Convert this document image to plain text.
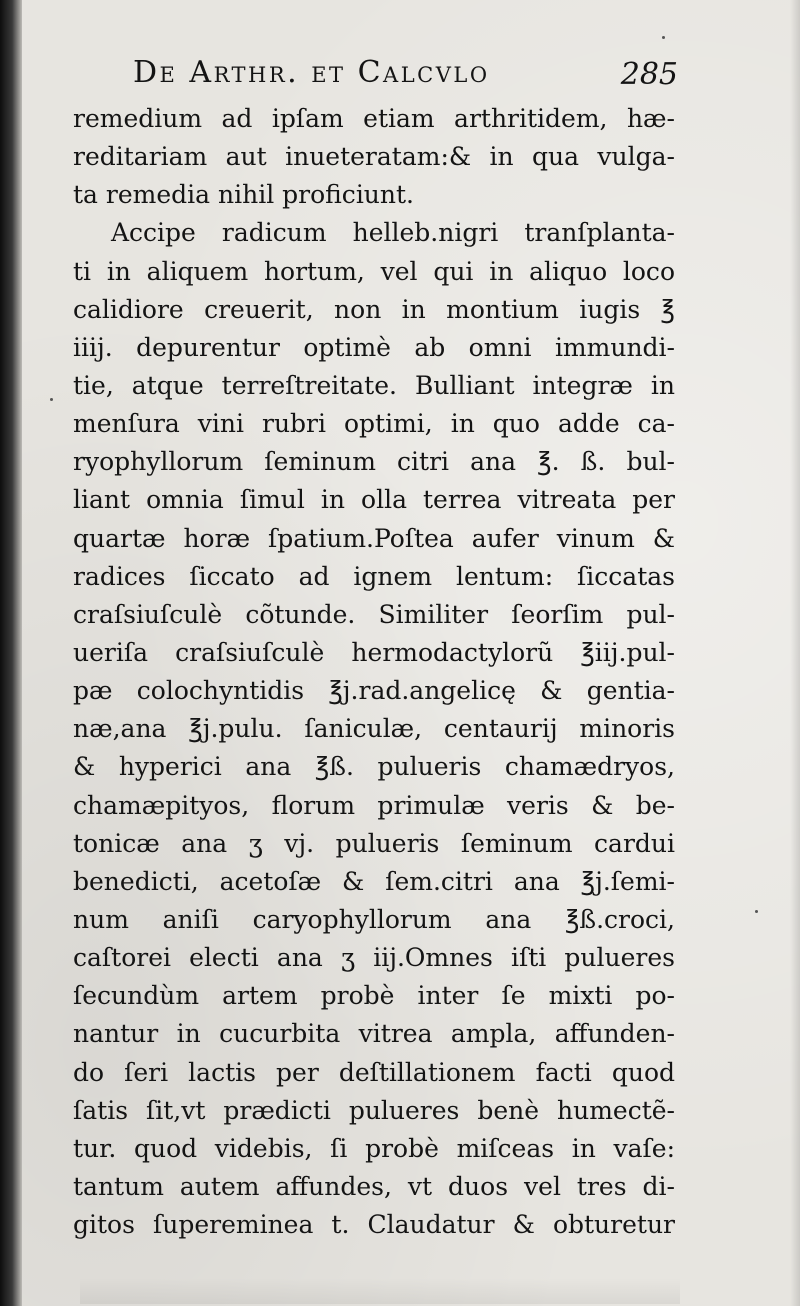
De Arthr. et Calcvlo	285
remedium ad ipſam etiam arthritidem, hæ-
reditariam aut inueteratam:& in qua vulga-
ta remedia nihil proficiunt.
Accipe radicum helleb.nigri tranſplanta-
ti in aliquem hortum, vel qui in aliquo loco
calidiore creuerit, non in montium iugis ℥
iiij. depurentur optimè ab omni immundi-
tie, atque terreſtreitate. Bulliant integræ in
menſura vini rubri optimi, in quo adde ca-
ryophyllorum ſeminum citri ana ℥. ß. bul-
liant omnia ſimul in olla terrea vitreata per
quartæ horæ ſpatium.Poſtea aufer vinum &
radices ſiccato ad ignem lentum: ſiccatas
craſsiuſculè cõtunde. Similiter ſeorſim pul-
ueriſa craſsiuſculè hermodactylorũ ℥iij.pul-
pæ colochyntidis ℥j.rad.angelicę & gentia-
næ,ana ℥j.pulu. ſaniculæ, centaurij minoris
& hyperici ana ℥ß. pulueris chamædryos,
chamæpityos, florum primulæ veris & be-
tonicæ ana ʒ vj. pulueris ſeminum cardui
benedicti, acetoſæ & ſem.citri ana ℥j.ſemi-
num aniſi caryophyllorum ana ℥ß.croci,
caſtorei electi ana ʒ iij.Omnes iſti pulueres
ſecundùm artem probè inter ſe mixti po-
nantur in cucurbita vitrea ampla, affunden-
do ſeri lactis per deſtillationem facti quod
ſatis ſit,vt prædicti pulueres benè humectẽ-
tur. quod videbis, ſi probè miſceas in vaſe:
tantum autem affundes, vt duos vel tres di-
gitos ſupereminea t. Claudatur & obturetur
